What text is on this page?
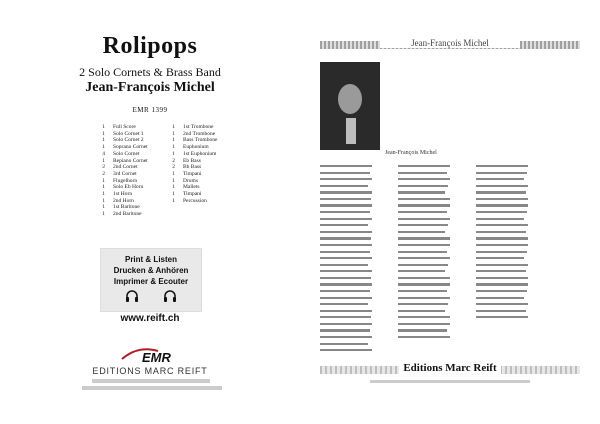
Rolipops
2 Solo Cornets & Brass Band
Jean-François Michel
EMR 1399
1 Full Score
1 Solo Cornet 1
1 Solo Cornet 2
1 Soprano Cornet
4 Solo Cornet
1 Repiano Cornet
2 2nd Cornet
2 3rd Cornet
1 Flugelhorn
1 Solo Eb Horn
1 1st Horn
1 2nd Horn
1 1st Baritone
1 2nd Baritone
1 1st Trombone
1 2nd Trombone
1 Bass Trombone
1 Euphonium
1 1st Euphonium
2 Eb Bass
2 Bb Bass
1 Timpani
1 Drums
1 Mallets
1 Timpani
1 Percussion
Print & Listen
Drucken & Anhören
Imprimer & Ecouter
www.reift.ch
EMR
EDITIONS MARC REIFT
Jean-François Michel
Jean-François Michel
Editions Marc Reift
